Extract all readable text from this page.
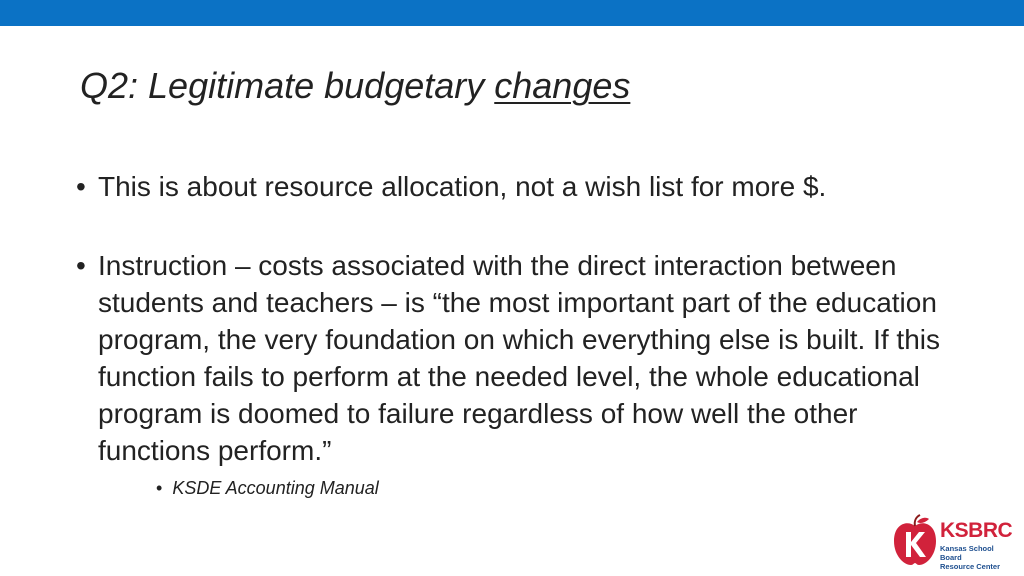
Q2: Legitimate budgetary changes
• This is about resource allocation, not a wish list for more $.
• Instruction – costs associated with the direct interaction between students and teachers – is “the most important part of the education program, the very foundation on which everything else is built. If this function fails to perform at the needed level, the whole educational program is doomed to failure regardless of how well the other functions perform.”
• KSDE Accounting Manual
KSBRC
Kansas School Board
Resource Center
